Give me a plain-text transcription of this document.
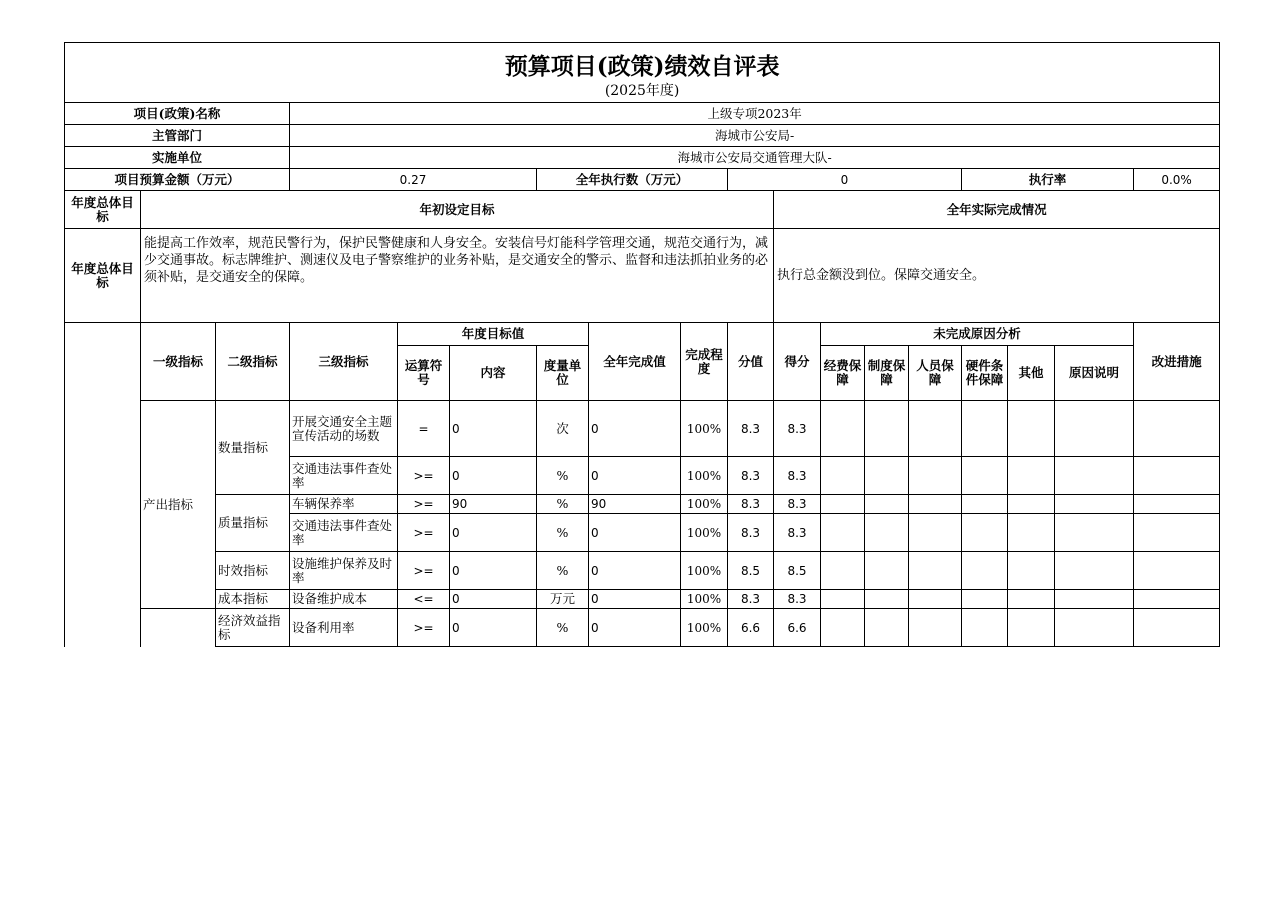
预算项目(政策)绩效自评表
(2025年度)																	

项目(政策)名称			上级专项2023年														
主管部门			海城市公安局-														
实施单位			海城市公安局交通管理大队-														
项目预算金额（万元）			0.27			全年执行数（万元）			0					执行率			0.0%
年度总体目标	年初设定目标									全年实际完成情况							
年度总体目标	能提高工作效率，规范民警行为，保护民警健康和人身安全。安装信号灯能科学管理交通，规范交通行为，减少交通事故。标志牌维护、测速仪及电子警察维护的业务补贴，是交通安全的警示、监督和违法抓拍业务的必须补贴，是交通安全的保障。									执行总金额没到位。保障交通安全。							
	一级指标	二级指标	三级指标	年度目标值			全年完成值	完成程度	分值	得分	未完成原因分析						改进措施
				运算符号	内容	度量单位					经费保障	制度保障	人员保障	硬件条件保障	其他	原因说明	
	产出指标	数量指标	开展交通安全主题宣传活动的场数	=	0	次	0	100%	8.3	8.3							
			交通违法事件查处率	>=	0	%	0	100%	8.3	8.3							
		质量指标	车辆保养率	>=	90	%	90	100%	8.3	8.3							
			交通违法事件查处率	>=	0	%	0	100%	8.3	8.3							
		时效指标	设施维护保养及时率	>=	0	%	0	100%	8.5	8.5							
		成本指标	设备维护成本	<=	0	万元	0	100%	8.3	8.3							
		经济效益指标	设备利用率	>=	0	%	0	100%	6.6	6.6							
